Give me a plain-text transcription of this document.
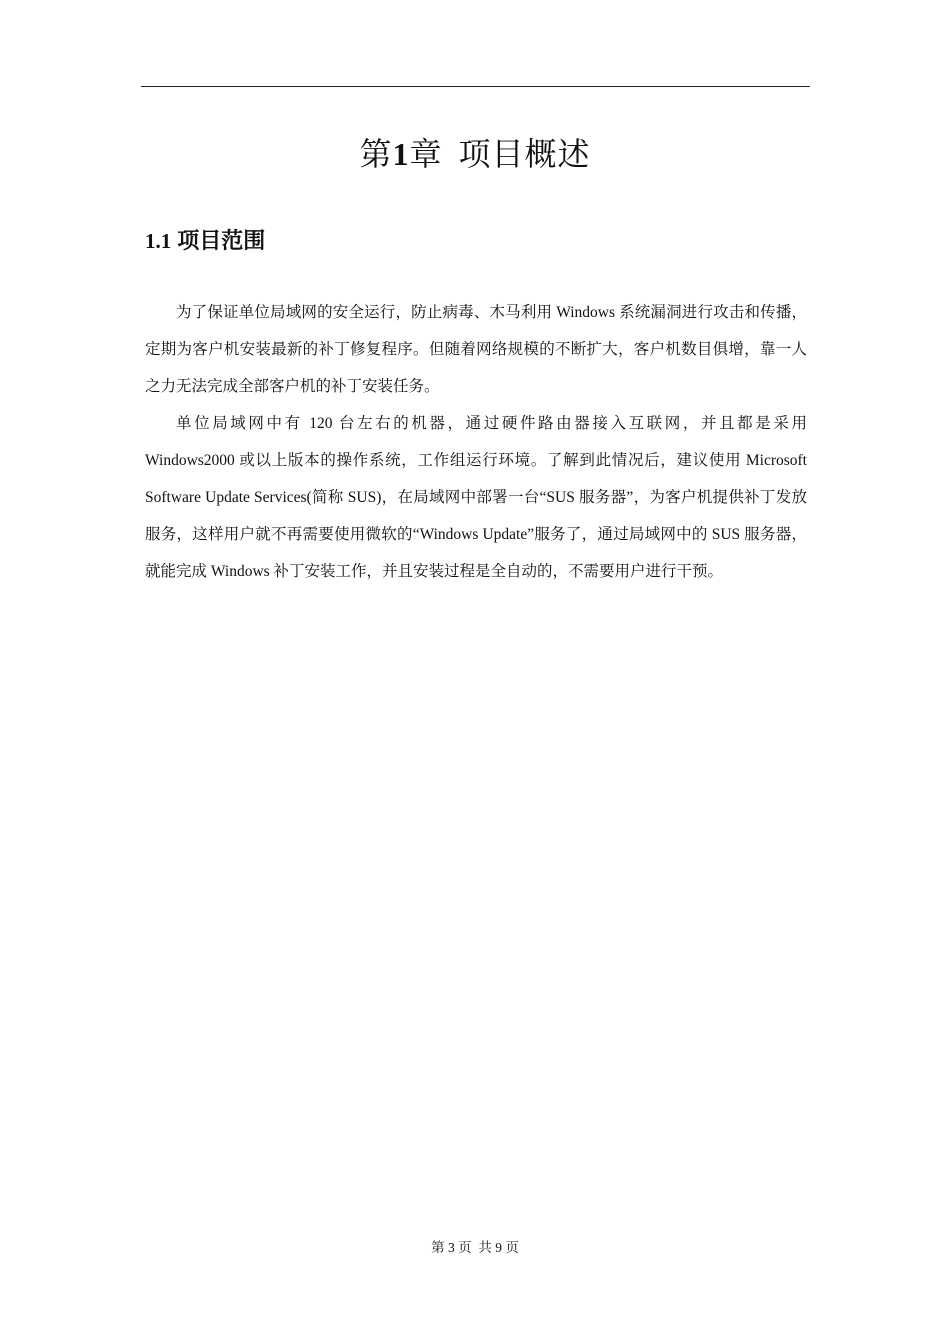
第1章 项目概述
1.1 项目范围

为了保证单位局域网的安全运行，防止病毒、木马利用 Windows 系统漏洞进行攻击和传播，定期为客户机安装最新的补丁修复程序。但随着网络规模的不断扩大，客户机数目俱增，靠一人之力无法完成全部客户机的补丁安装任务。

单位局域网中有 120 台左右的机器，通过硬件路由器接入互联网，并且都是采用 Windows2000 或以上版本的操作系统，工作组运行环境。了解到此情况后，建议使用 Microsoft Software Update Services(简称 SUS)，在局域网中部署一台“SUS 服务器”，为客户机提供补丁发放服务，这样用户就不再需要使用微软的“Windows Update”服务了，通过局域网中的 SUS 服务器，就能完成 Windows 补丁安装工作，并且安装过程是全自动的，不需要用户进行干预。

第 3 页 共 9 页
